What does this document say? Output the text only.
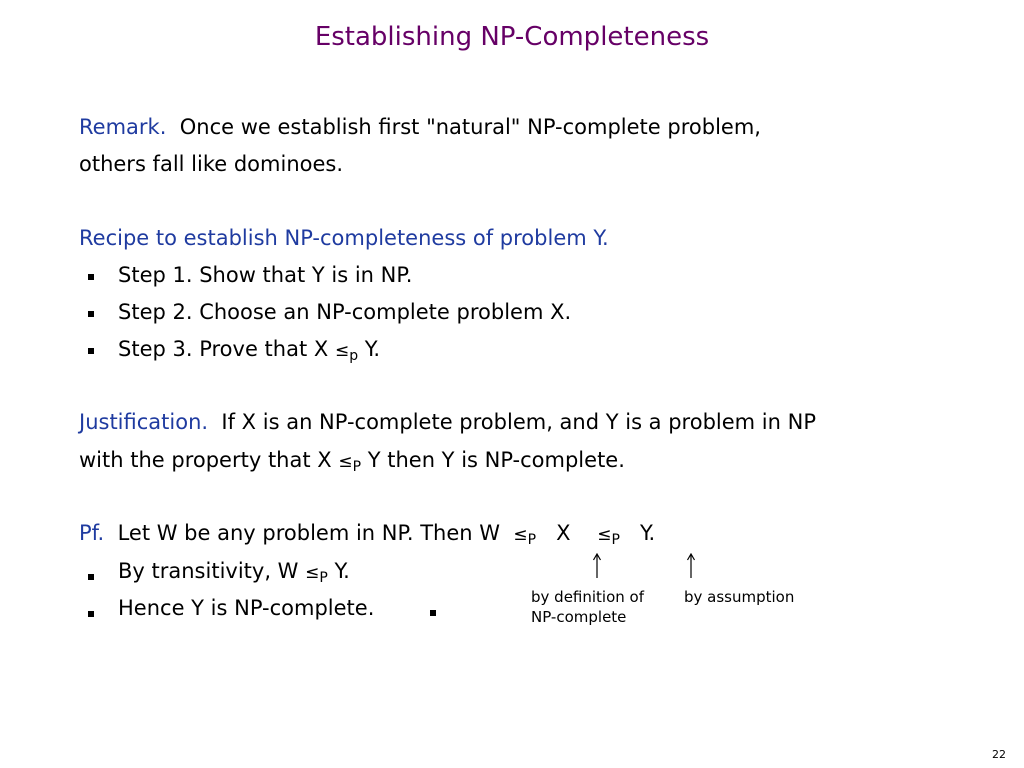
Establishing NP-Completeness
Remark. Once we establish first "natural" NP-complete problem,
others fall like dominoes.
Recipe to establish NP-completeness of problem Y.
Step 1. Show that Y is in NP.
Step 2. Choose an NP-complete problem X.
Step 3. Prove that X ≤p Y.
Justification. If X is an NP-complete problem, and Y is a problem in NP
with the property that X ≤P Y then Y is NP-complete.
Pf. Let W be any problem in NP. Then W ≤P X ≤P Y.
By transitivity, W ≤P Y.
Hence Y is NP-complete.	by definition of
NP-complete
by assumption
22
